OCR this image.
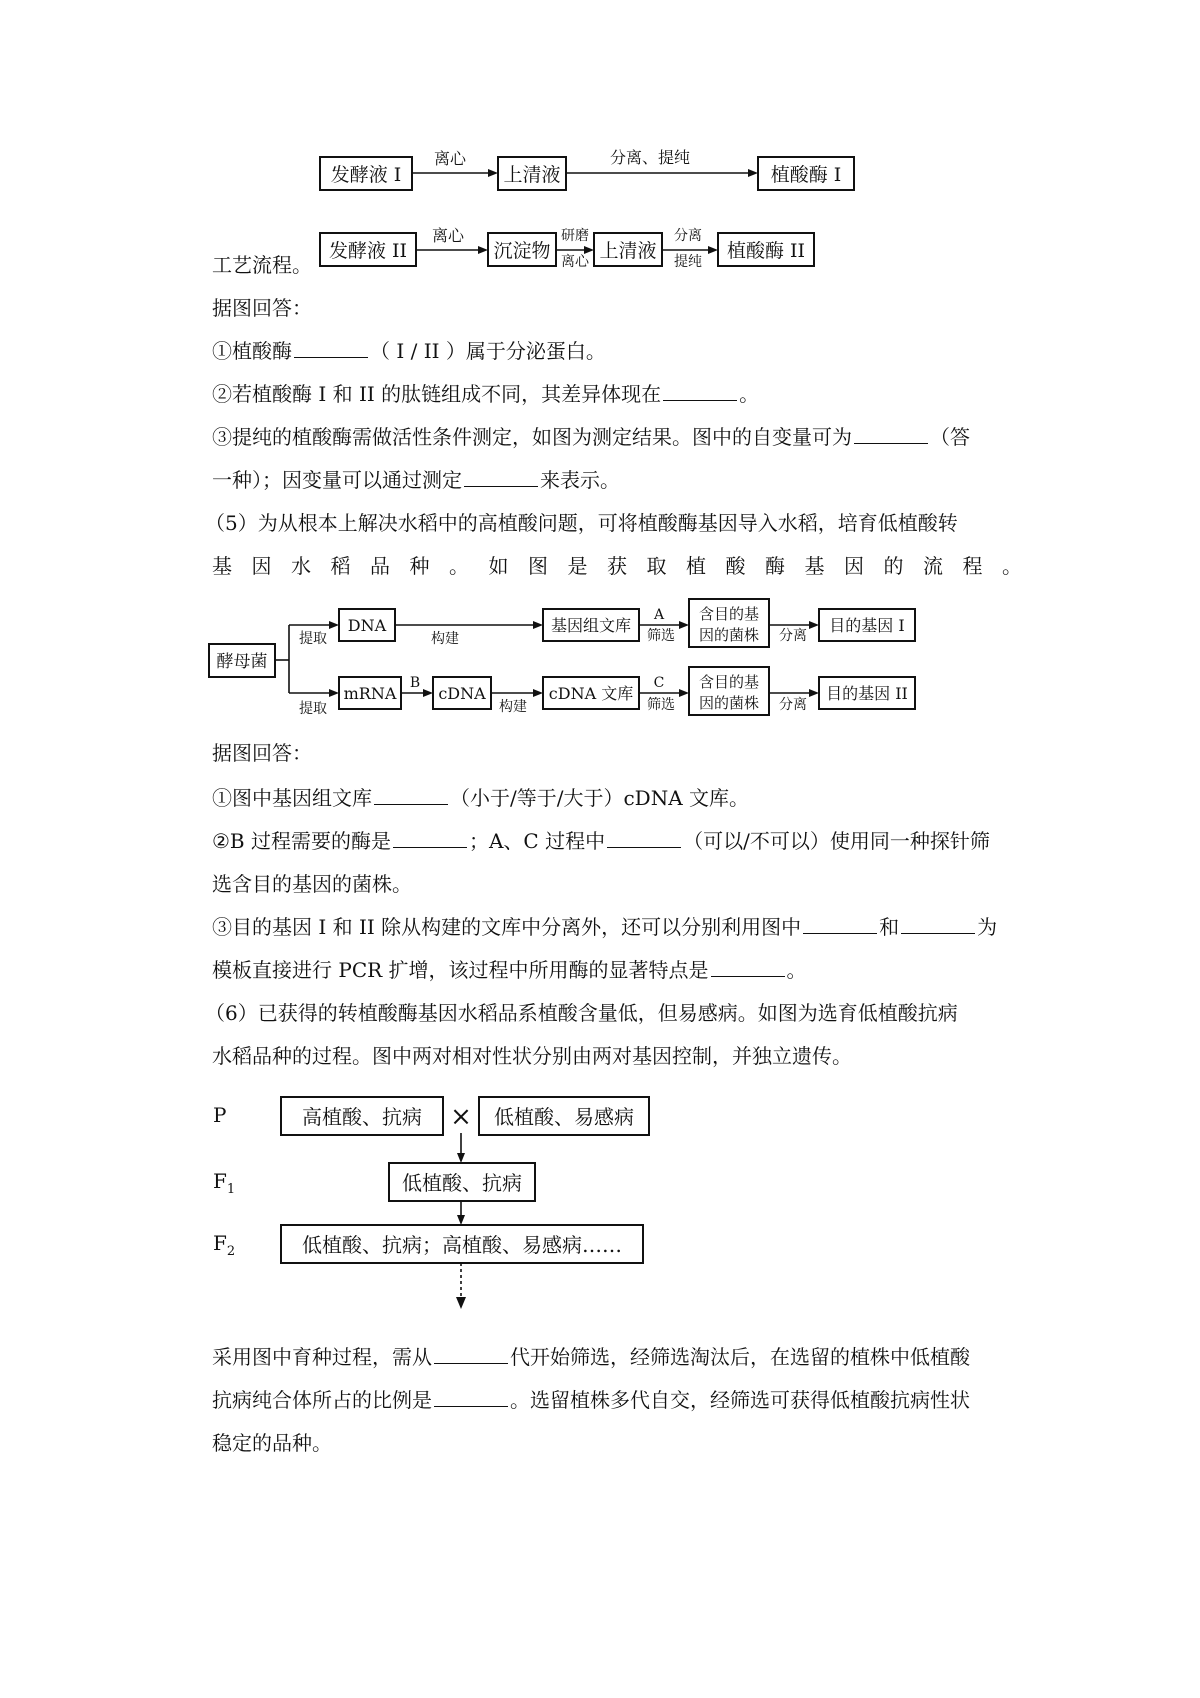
发酵液 I
离心
上清液
分离、提纯
植酸酶 I
发酵液 II
离心
沉淀物
研磨
离心 上清液
分离
提纯 植酸酶 II
工艺流程。
据图回答：
①植酸酶	（ I / II ）属于分泌蛋白。
②若植酸酶 I 和 II 的肽链组成不同，其差异体现在	。
③提纯的植酸酶需做活性条件测定，如图为测定结果。图中的自变量可为	（答
一种）；因变量可以通过测定	来表示。
（5）为从根本上解决水稻中的高植酸问题，可将植酸酶基因导入水稻，培育低植酸转
基 因 水 稻 品 种 。 如 图 是 获 取 植 酸 酶 基 因 的 流 程 。
酵母菌
提取
提取
DNA
构建
基因组文库
A
筛选
含目的基
因的菌株 分离
目的基因 I
mRNA
B
cDNA
构建
cDNA 文库
C
筛选
含目的基
因的菌株 分离
目的基因 II
据图回答：
①图中基因组文库	（小于/等于/大于）cDNA 文库。
②B 过程需要的酶是	；A、C 过程中	（可以/不可以）使用同一种探针筛
选含目的基因的菌株。
③目的基因 I 和 II 除从构建的文库中分离外，还可以分别利用图中	和	为
模板直接进行 PCR 扩增，该过程中所用酶的显著特点是	。
（6）已获得的转植酸酶基因水稻品系植酸含量低，但易感病。如图为选育低植酸抗病
水稻品种的过程。图中两对相对性状分别由两对基因控制，并独立遗传。
P	高植酸、抗病 × 低植酸、易感病
$F_1$	低植酸、抗病
$F_2$	低植酸、抗病；高植酸、易感病……
采用图中育种过程，需从	代开始筛选，经筛选淘汰后，在选留的植株中低植酸
抗病纯合体所占的比例是	。选留植株多代自交，经筛选可获得低植酸抗病性状
稳定的品种。
